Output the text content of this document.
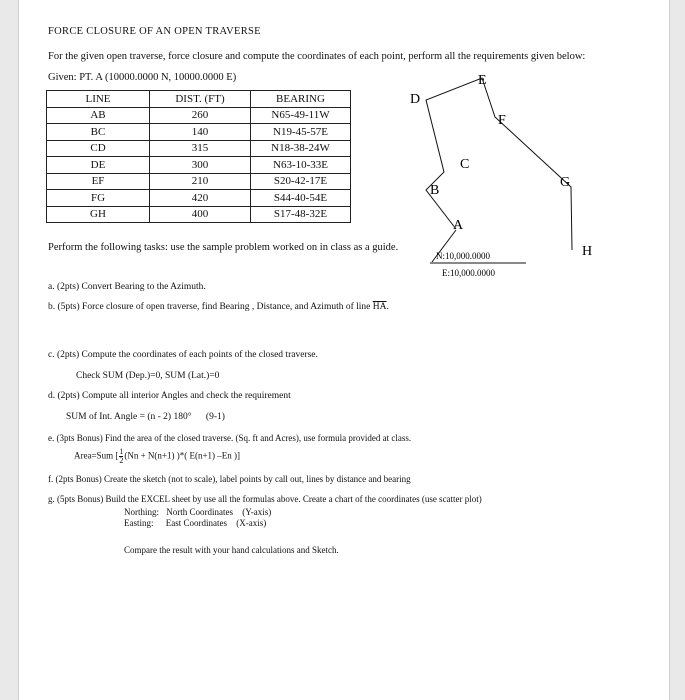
FORCE CLOSURE OF AN OPEN TRAVERSE
For the given open traverse, force closure and compute the coordinates of each point, perform all the requirements given below:
Given: PT. A (10000.0000 N, 10000.0000 E)
LINE	DIST. (FT)	BEARING
AB	260	N65-49-11W
BC	140	N19-45-57E
CD	315	N18-38-24W
DE	300	N63-10-33E
EF	210	S20-42-17E
FG	420	S44-40-54E
GH	400	S17-48-32E
A
B
C
D
E
F
G
H
N:10,000.0000
E:10,000.0000
Perform the following tasks: use the sample problem worked on in class as a guide.
a. (2pts) Convert Bearing to the Azimuth.
b. (5pts) Force closure of open traverse, find Bearing , Distance, and Azimuth of line $\overline{HA}$.
c. (2pts) Compute the coordinates of each points of the closed traverse.
Check SUM (Dep.)=0, SUM (Lat.)=0
d. (2pts) Compute all interior Angles and check the requirement
SUM of Int. Angle = (n - 2) 180° (9-1)
e. (3pts Bonus) Find the area of the closed traverse. (Sq. ft and Acres), use formula provided at class.
Area=Sum [ $\frac{1}{2} (Nn + N(n+1)$ )*( E(n+1) –En )]
f. (2pts Bonus) Create the sketch (not to scale), label points by call out, lines by distance and bearing
g. (5pts Bonus) Build the EXCEL sheet by use all the formulas above. Create a chart of the coordinates (use scatter plot)
Northing: North Coordinates (Y-axis)
Easting: East Coordinates (X-axis)
Compare the result with your hand calculations and Sketch.
